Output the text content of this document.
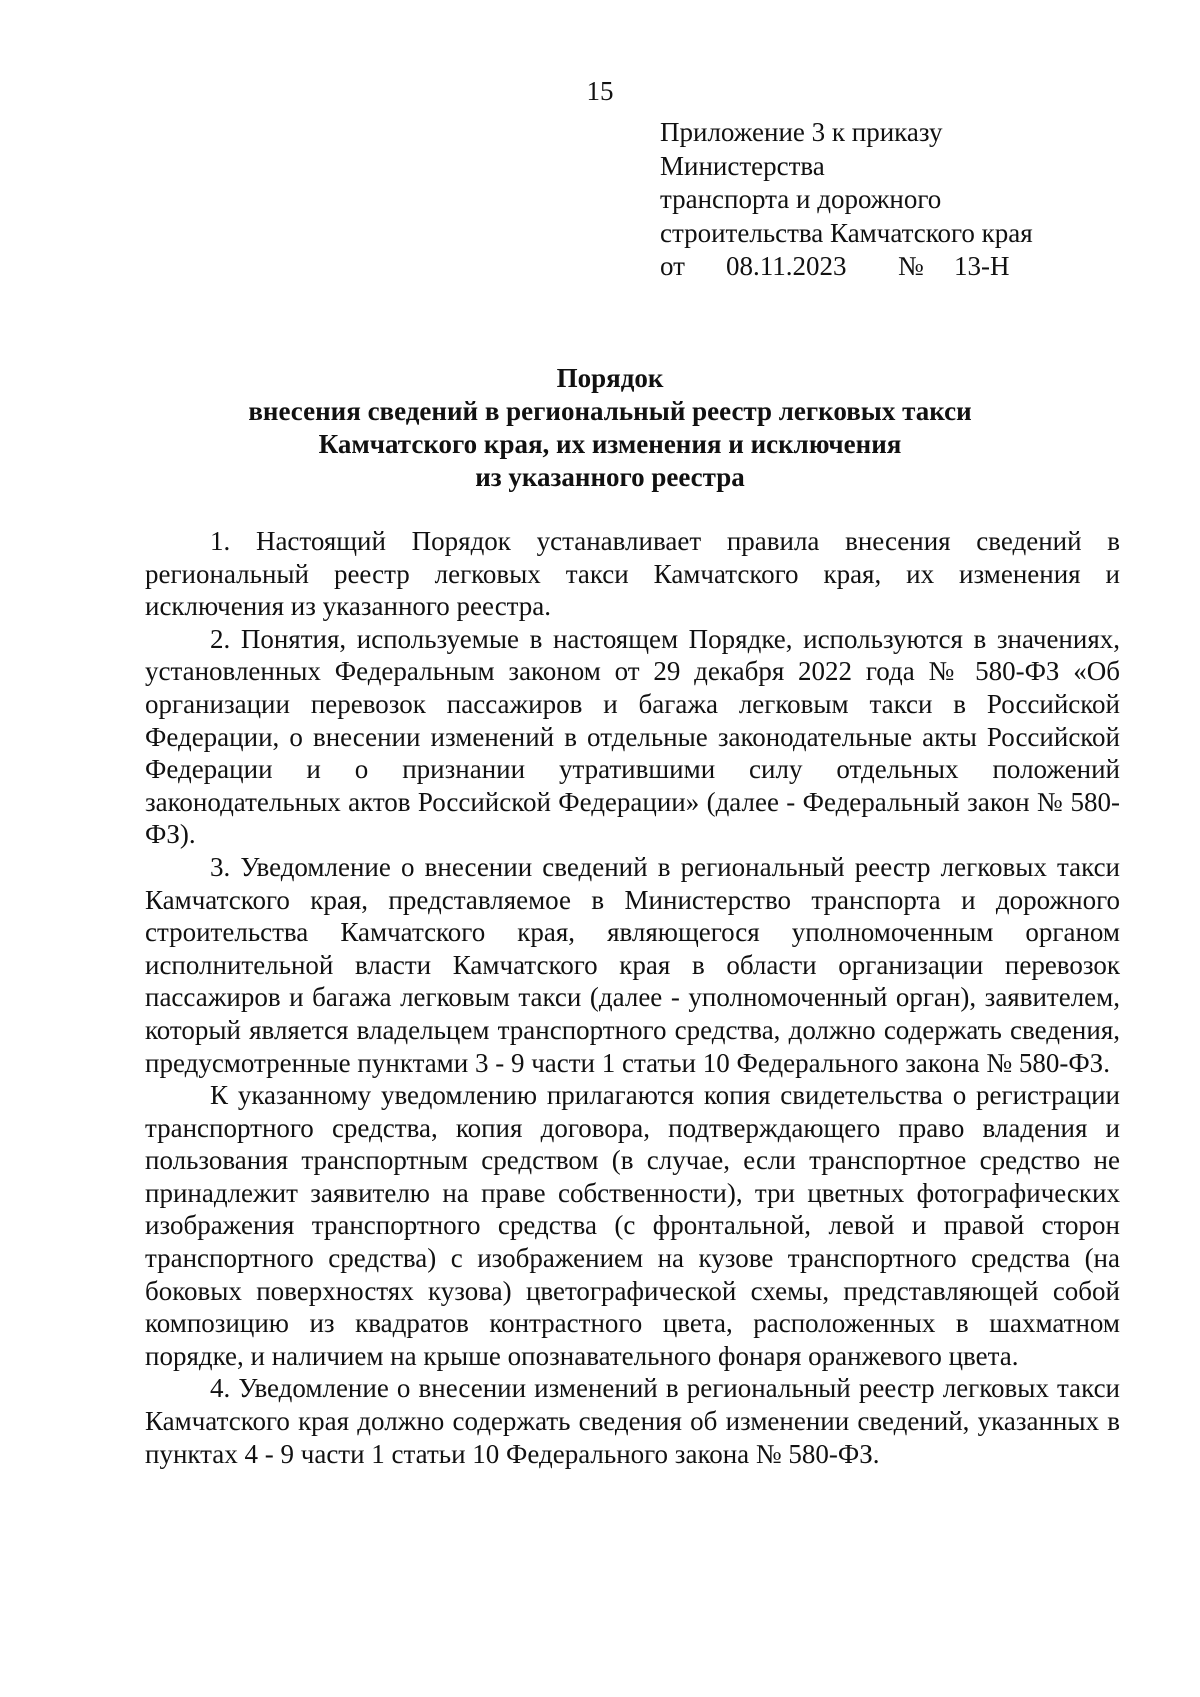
15
Приложение 3 к приказу
Министерства
транспорта и дорожного
строительства Камчатского края
от 08.11.2023 № 13-Н
Порядок
внесения сведений в региональный реестр легковых такси
Камчатского края, их изменения и исключения
из указанного реестра

1. Настоящий Порядок устанавливает правила внесения сведений в региональный реестр легковых такси Камчатского края, их изменения и исключения из указанного реестра.

2. Понятия, используемые в настоящем Порядке, используются в значениях, установленных Федеральным законом от 29 декабря 2022 года № 580-ФЗ «Об организации перевозок пассажиров и багажа легковым такси в Российской Федерации, о внесении изменений в отдельные законодательные акты Российской Федерации и о признании утратившими силу отдельных положений законодательных актов Российской Федерации» (далее - Федеральный закон № 580-ФЗ).

3. Уведомление о внесении сведений в региональный реестр легковых такси Камчатского края, представляемое в Министерство транспорта и дорожного строительства Камчатского края, являющегося уполномоченным органом исполнительной власти Камчатского края в области организации перевозок пассажиров и багажа легковым такси (далее - уполномоченный орган), заявителем, который является владельцем транспортного средства, должно содержать сведения, предусмотренные пунктами 3 - 9 части 1 статьи 10 Федерального закона № 580-ФЗ.

К указанному уведомлению прилагаются копия свидетельства о регистрации транспортного средства, копия договора, подтверждающего право владения и пользования транспортным средством (в случае, если транспортное средство не принадлежит заявителю на праве собственности), три цветных фотографических изображения транспортного средства (с фронтальной, левой и правой сторон транспортного средства) с изображением на кузове транспортного средства (на боковых поверхностях кузова) цветографической схемы, представляющей собой композицию из квадратов контрастного цвета, расположенных в шахматном порядке, и наличием на крыше опознавательного фонаря оранжевого цвета.

4. Уведомление о внесении изменений в региональный реестр легковых такси Камчатского края должно содержать сведения об изменении сведений, указанных в пунктах 4 - 9 части 1 статьи 10 Федерального закона № 580-ФЗ.
